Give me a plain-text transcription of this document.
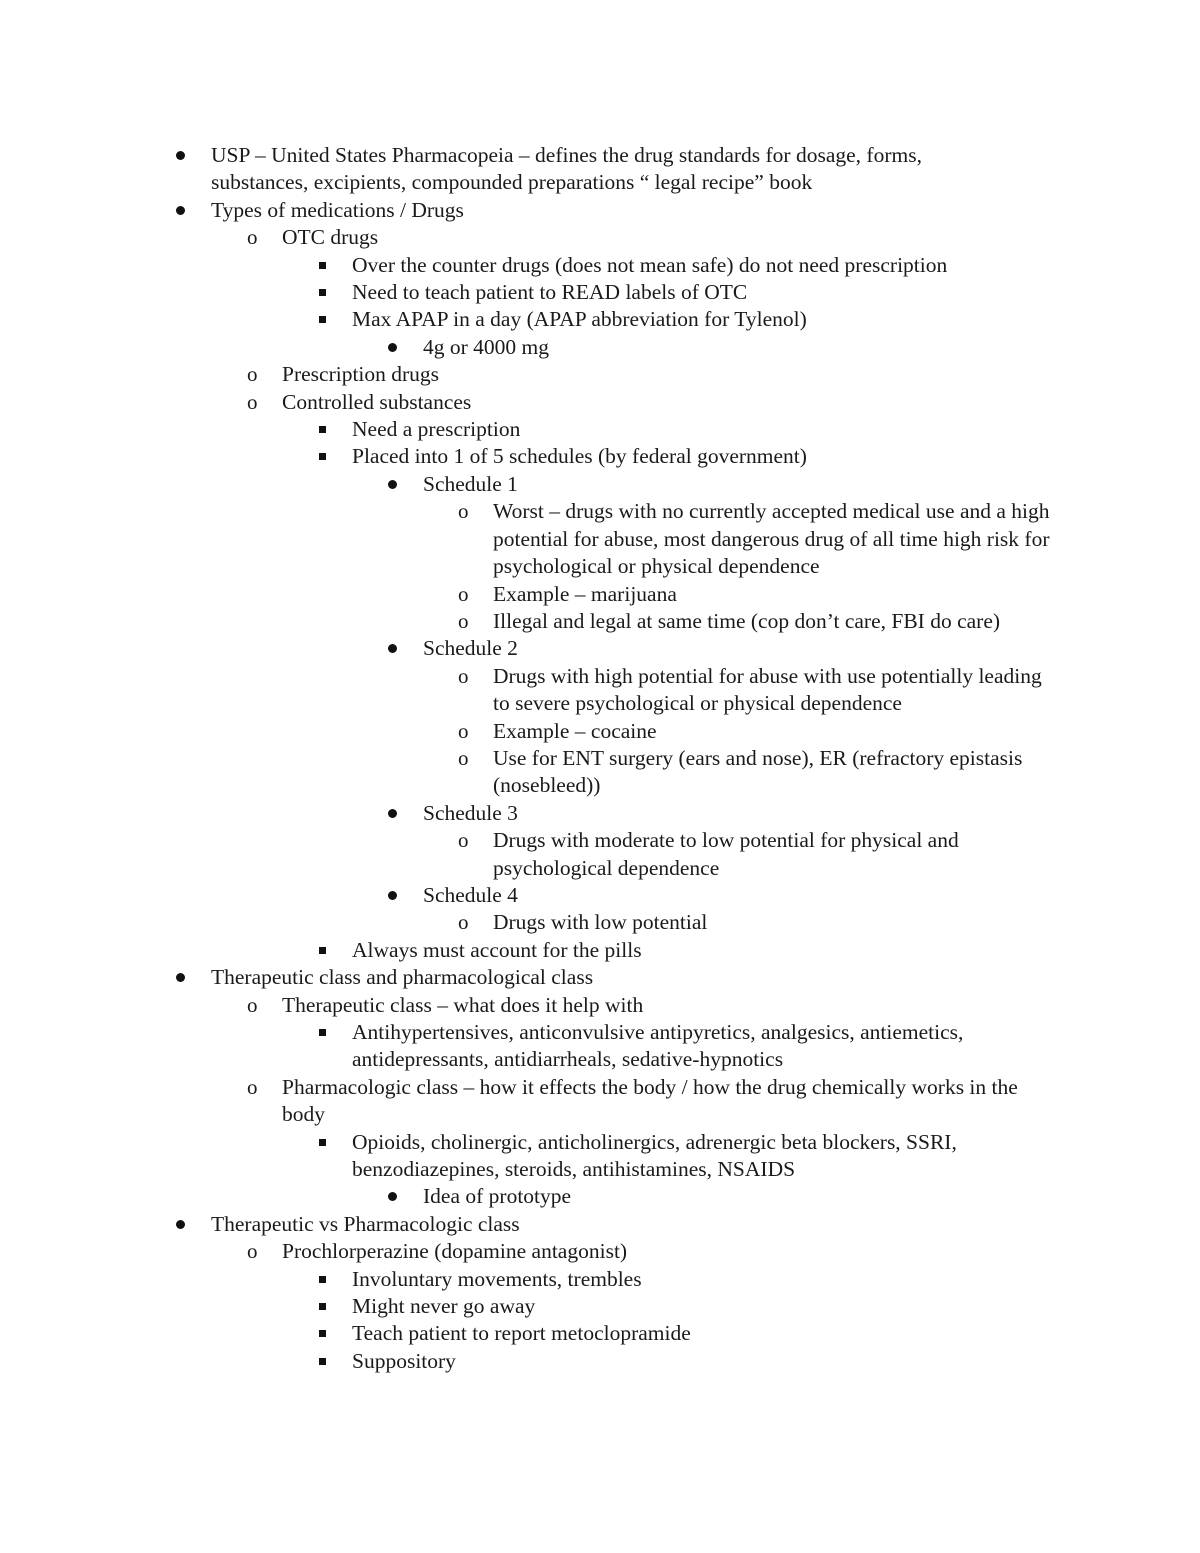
USP – United States Pharmacopeia – defines the drug standards for dosage, forms, substances, excipients, compounded preparations “ legal recipe” book
Types of medications / Drugs
o OTC drugs
Over the counter drugs (does not mean safe) do not need prescription
Need to teach patient to READ labels of OTC
Max APAP in a day (APAP abbreviation for Tylenol)
4g or 4000 mg
o Prescription drugs
o Controlled substances
Need a prescription
Placed into 1 of 5 schedules (by federal government)
Schedule 1
o Worst – drugs with no currently accepted medical use and a high potential for abuse, most dangerous drug of all time high risk for psychological or physical dependence
o Example – marijuana
o Illegal and legal at same time (cop don’t care, FBI do care)
Schedule 2
o Drugs with high potential for abuse with use potentially leading to severe psychological or physical dependence
o Example – cocaine
o Use for ENT surgery (ears and nose), ER (refractory epistasis (nosebleed))
Schedule 3
o Drugs with moderate to low potential for physical and psychological dependence
Schedule 4
o Drugs with low potential
Always must account for the pills
Therapeutic class and pharmacological class
o Therapeutic class – what does it help with
Antihypertensives, anticonvulsive antipyretics, analgesics, antiemetics, antidepressants, antidiarrheals, sedative-hypnotics
o Pharmacologic class – how it effects the body / how the drug chemically works in the body
Opioids, cholinergic, anticholinergics, adrenergic beta blockers, SSRI, benzodiazepines, steroids, antihistamines, NSAIDS
Idea of prototype
Therapeutic vs Pharmacologic class
o Prochlorperazine (dopamine antagonist)
Involuntary movements, trembles
Might never go away
Teach patient to report metoclopramide
Suppository
